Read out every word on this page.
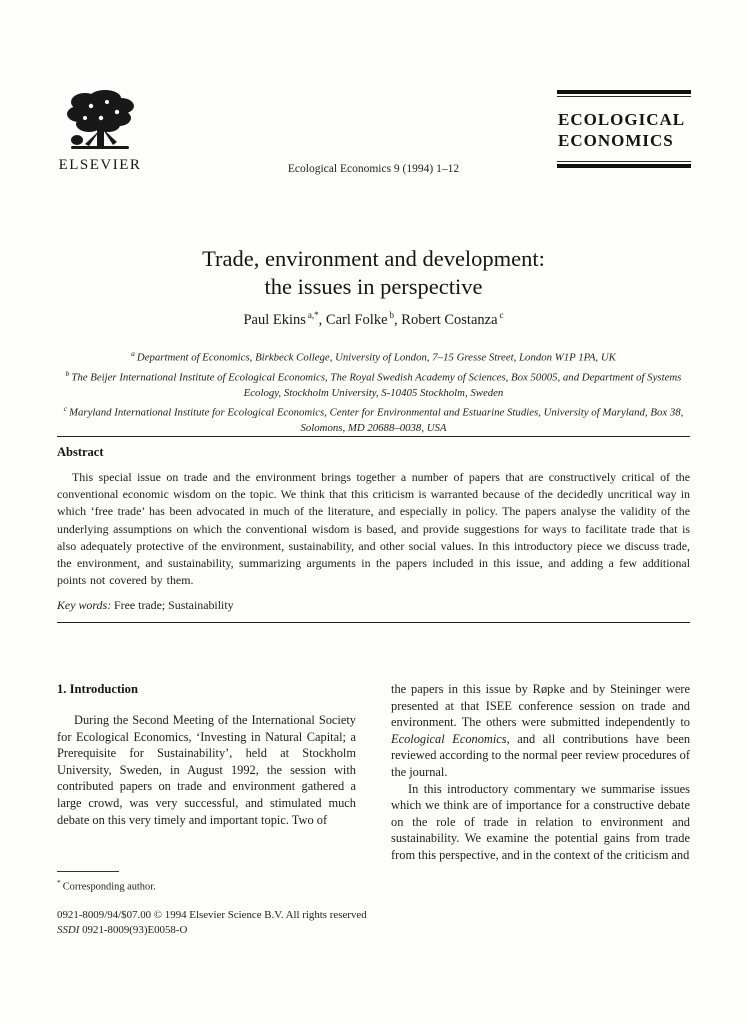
ELSEVIER	Ecological Economics 9 (1994) 1–12
ECOLOGICAL
ECONOMICS
Trade, environment and development:
the issues in perspective
Paul Ekins $^{a,*}$, Carl Folke $^b$, Robert Costanza $^c$
$^a$ Department of Economics, Birkbeck College, University of London, 7–15 Gresse Street, London W1P 1PA, UK
$^b$ The Beijer International Institute of Ecological Economics, The Royal Swedish Academy of Sciences, Box 50005, and Department of Systems Ecology, Stockholm University, S-10405 Stockholm, Sweden
$^c$ Maryland International Institute for Ecological Economics, Center for Environmental and Estuarine Studies, University of Maryland, Box 38, Solomons, MD 20688–0038, USA
Abstract
This special issue on trade and the environment brings together a number of papers that are constructively critical of the conventional economic wisdom on the topic. We think that this criticism is warranted because of the decidedly uncritical way in which ‘free trade’ has been advocated in much of the literature, and especially in policy. The papers analyse the validity of the underlying assumptions on which the conventional wisdom is based, and provide suggestions for ways to facilitate trade that is also adequately protective of the environment, sustainability, and other social values. In this introductory piece we discuss trade, the environment, and sustainability, summarizing arguments in the papers included in this issue, and adding a few additional points not covered by them.
Key words: Free trade; Sustainability
1. Introduction

During the Second Meeting of the International Society for Ecological Economics, ‘Investing in Natural Capital; a Prerequisite for Sustainability’, held at Stockholm University, Sweden, in August 1992, the session with contributed papers on trade and environment gathered a large crowd, was very successful, and stimulated much debate on this very timely and important topic. Two of

the papers in this issue by Røpke and by Steininger were presented at that ISEE conference session on trade and environment. The others were submitted independently to Ecological Economics, and all contributions have been reviewed according to the normal peer review procedures of the journal.

In this introductory commentary we summarise issues which we think are of importance for a constructive debate on the role of trade in relation to environment and sustainability. We examine the potential gains from trade from this perspective, and in the context of the criticism and

* Corresponding author.
0921-8009/94/$07.00 © 1994 Elsevier Science B.V. All rights reserved
SSDI 0921-8009(93)E0058-O
